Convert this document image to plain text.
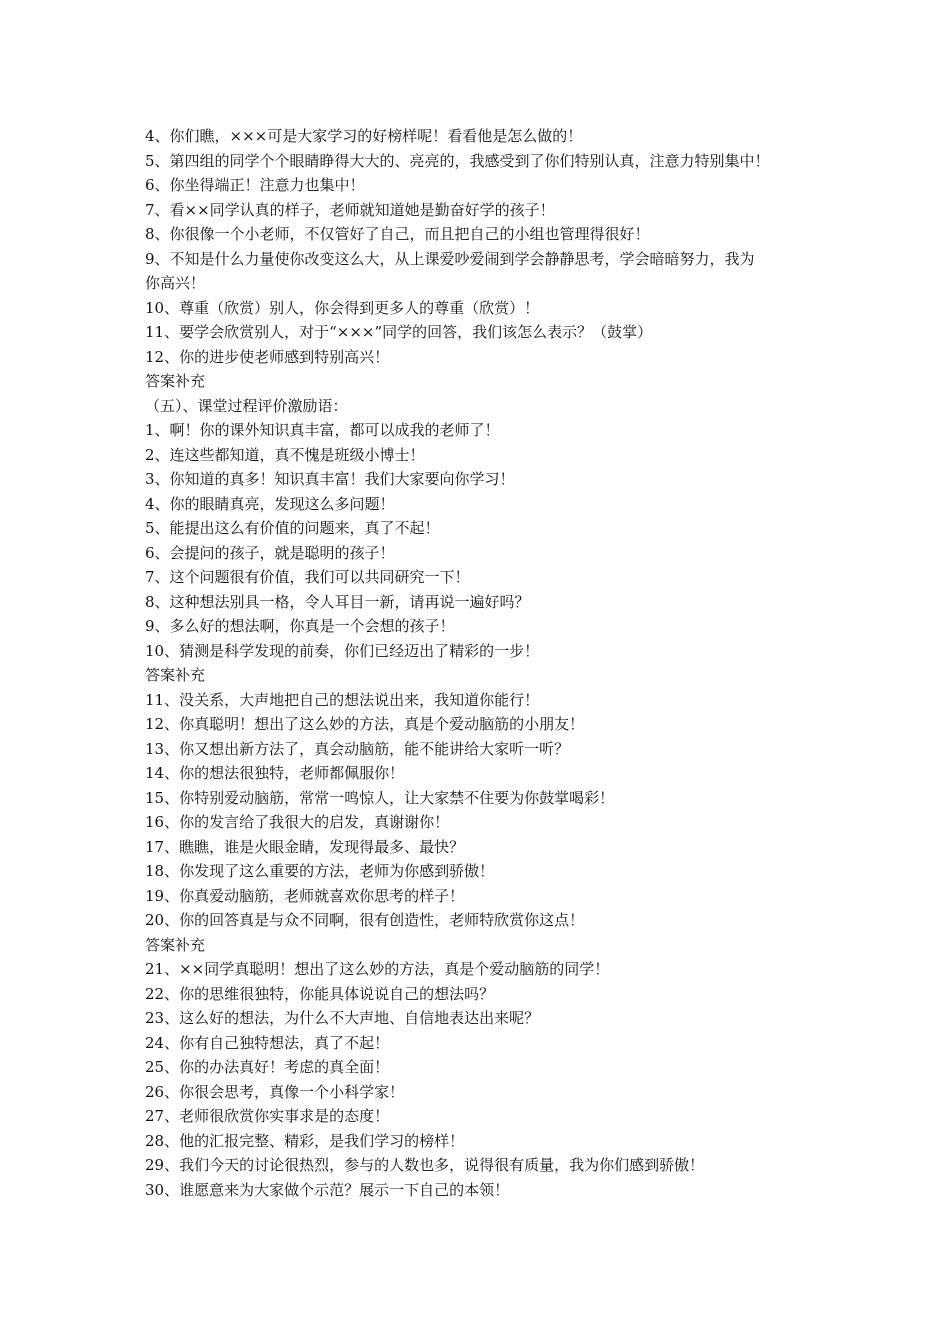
4、你们瞧，×××可是大家学习的好榜样呢！看看他是怎么做的！
5、第四组的同学个个眼睛睁得大大的、亮亮的，我感受到了你们特别认真，注意力特别集中！
6、你坐得端正！注意力也集中！
7、看××同学认真的样子，老师就知道她是勤奋好学的孩子！
8、你很像一个小老师，不仅管好了自己，而且把自己的小组也管理得很好！
9、不知是什么力量使你改变这么大，从上课爱吵爱闹到学会静静思考，学会暗暗努力，我为
你高兴！
10、尊重（欣赏）别人，你会得到更多人的尊重（欣赏）！
11、要学会欣赏别人，对于“×××”同学的回答，我们该怎么表示？（鼓掌）
12、你的进步使老师感到特别高兴！
答案补充
（五）、课堂过程评价激励语：
1、啊！你的课外知识真丰富，都可以成我的老师了！
2、连这些都知道，真不愧是班级小博士！
3、你知道的真多！知识真丰富！我们大家要向你学习！
4、你的眼睛真亮，发现这么多问题！
5、能提出这么有价值的问题来，真了不起！
6、会提问的孩子，就是聪明的孩子！
7、这个问题很有价值，我们可以共同研究一下！
8、这种想法别具一格，令人耳目一新，请再说一遍好吗？
9、多么好的想法啊，你真是一个会想的孩子！
10、猜测是科学发现的前奏，你们已经迈出了精彩的一步！
答案补充
11、没关系，大声地把自己的想法说出来，我知道你能行！
12、你真聪明！想出了这么妙的方法，真是个爱动脑筋的小朋友！
13、你又想出新方法了，真会动脑筋，能不能讲给大家听一听？
14、你的想法很独特，老师都佩服你！
15、你特别爱动脑筋，常常一鸣惊人，让大家禁不住要为你鼓掌喝彩！
16、你的发言给了我很大的启发，真谢谢你！
17、瞧瞧，谁是火眼金睛，发现得最多、最快？
18、你发现了这么重要的方法，老师为你感到骄傲！
19、你真爱动脑筋，老师就喜欢你思考的样子！
20、你的回答真是与众不同啊，很有创造性，老师特欣赏你这点！
答案补充
21、××同学真聪明！想出了这么妙的方法，真是个爱动脑筋的同学！
22、你的思维很独特，你能具体说说自己的想法吗？
23、这么好的想法，为什么不大声地、自信地表达出来呢？
24、你有自己独特想法，真了不起！
25、你的办法真好！考虑的真全面！
26、你很会思考，真像一个小科学家！
27、老师很欣赏你实事求是的态度！
28、他的汇报完整、精彩，是我们学习的榜样！
29、我们今天的讨论很热烈，参与的人数也多，说得很有质量，我为你们感到骄傲！
30、谁愿意来为大家做个示范？展示一下自己的本领！
